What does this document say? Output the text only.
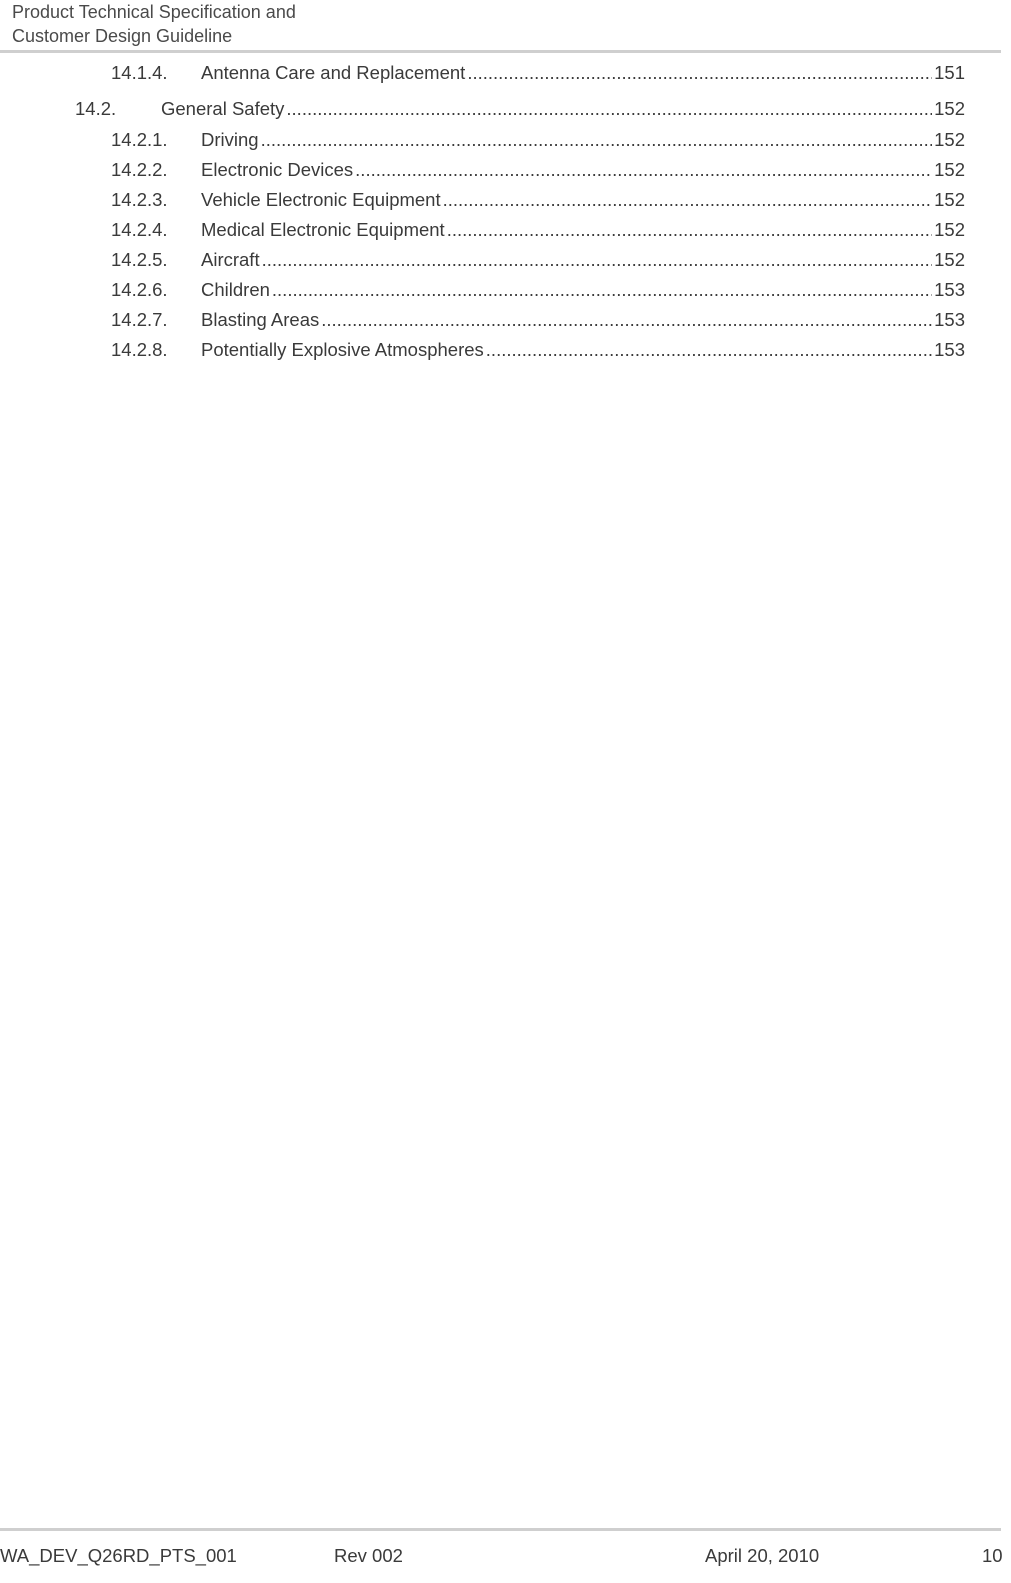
Product Technical Specification and
Customer Design Guideline
14.1.4.	Antenna Care and Replacement .....	151
14.2.	General Safety .....	152
14.2.1.	Driving .....	152
14.2.2.	Electronic Devices .....	152
14.2.3.	Vehicle Electronic Equipment .....	152
14.2.4.	Medical Electronic Equipment .....	152
14.2.5.	Aircraft .....	152
14.2.6.	Children .....	153
14.2.7.	Blasting Areas .....	153
14.2.8.	Potentially Explosive Atmospheres .....	153
WA_DEV_Q26RD_PTS_001	Rev 002	April 20, 2010	10
